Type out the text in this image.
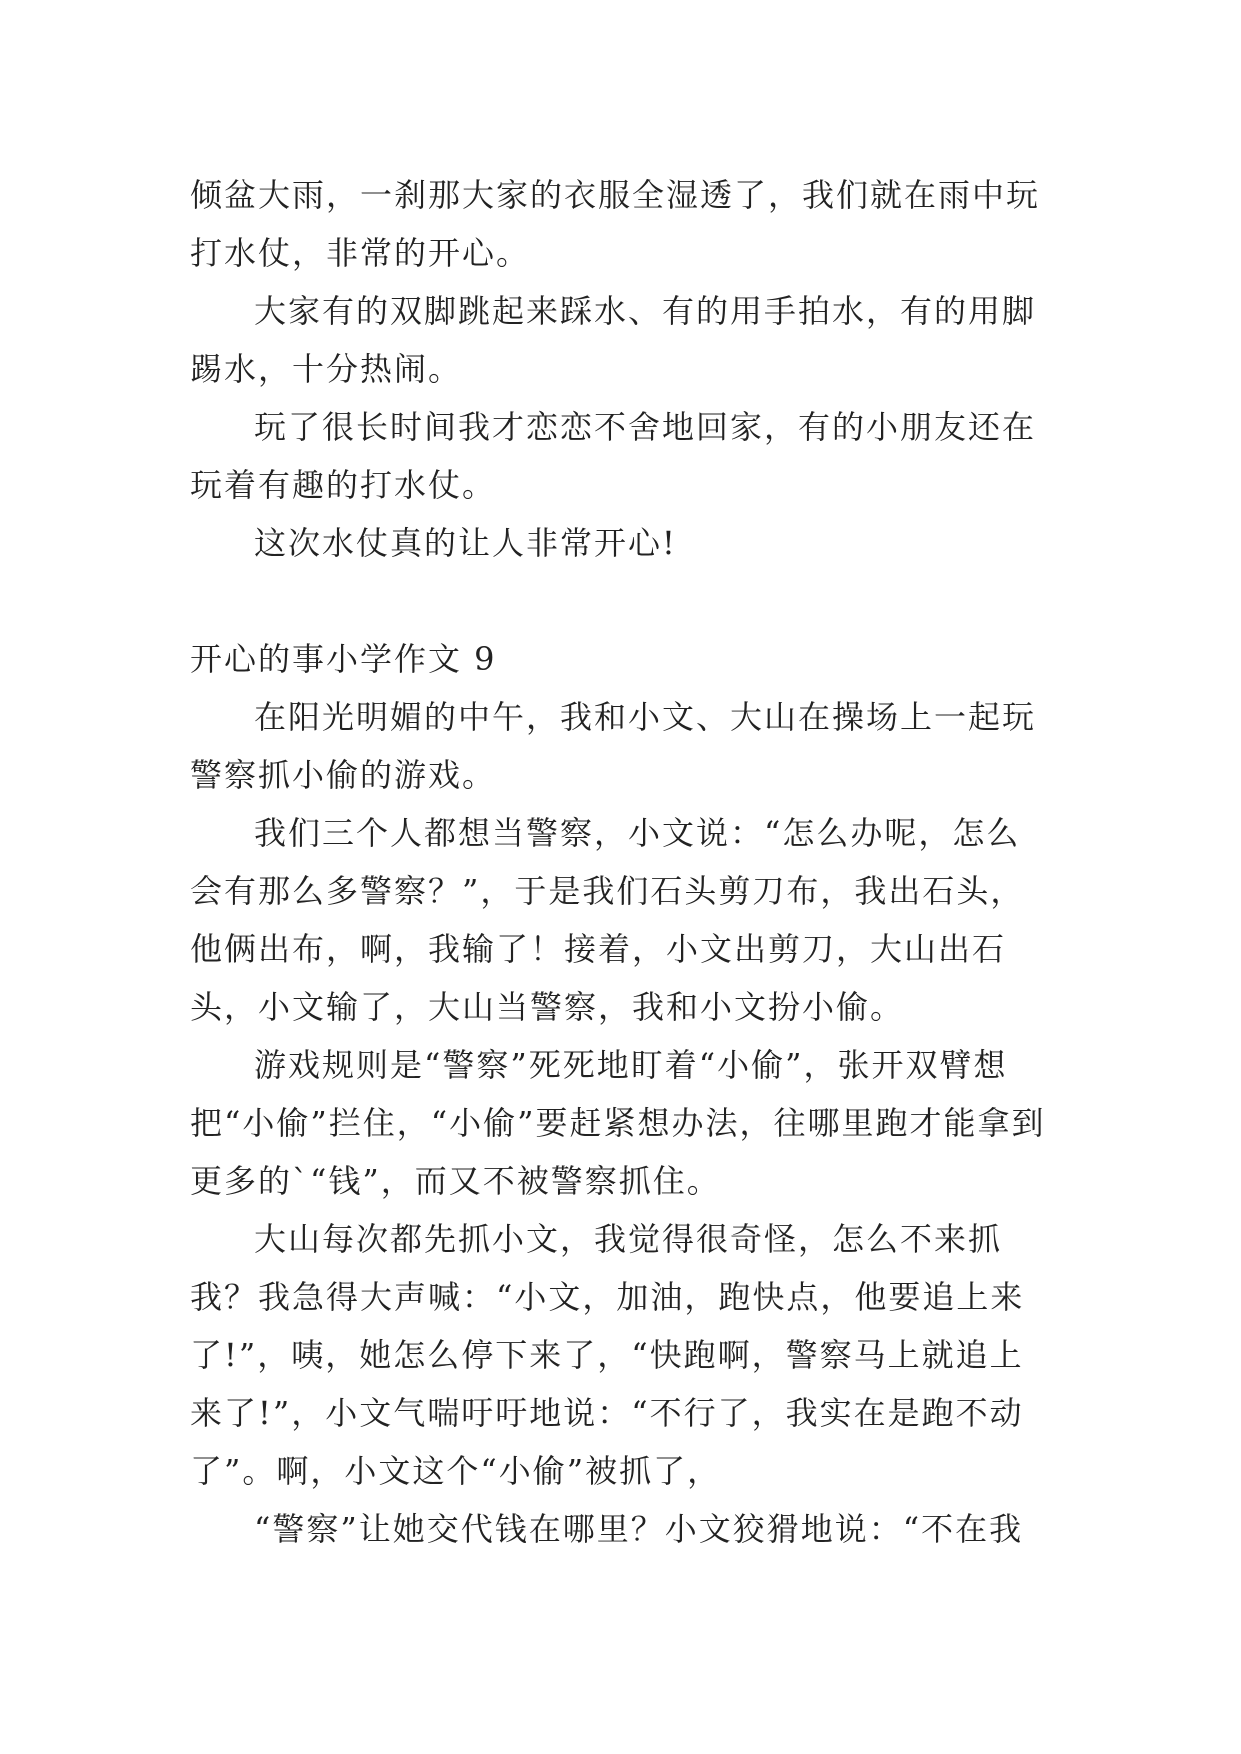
倾盆大雨，一刹那大家的衣服全湿透了，我们就在雨中玩打水仗，非常的开心。

大家有的双脚跳起来踩水、有的用手拍水，有的用脚踢水，十分热闹。

玩了很长时间我才恋恋不舍地回家，有的小朋友还在玩着有趣的打水仗。

这次水仗真的让人非常开心!

开心的事小学作文 9

在阳光明媚的中午，我和小文、大山在操场上一起玩警察抓小偷的游戏。

我们三个人都想当警察，小文说：“怎么办呢，怎么会有那么多警察？”，于是我们石头剪刀布，我出石头，他俩出布，啊，我输了！接着，小文出剪刀，大山出石头，小文输了，大山当警察，我和小文扮小偷。

游戏规则是“警察”死死地盯着“小偷”，张开双臂想把“小偷”拦住，“小偷”要赶紧想办法，往哪里跑才能拿到更多的`“钱”，而又不被警察抓住。

大山每次都先抓小文，我觉得很奇怪，怎么不来抓我？我急得大声喊：“小文，加油，跑快点，他要追上来了!”，咦，她怎么停下来了，“快跑啊，警察马上就追上来了!”，小文气喘吁吁地说：“不行了，我实在是跑不动了”。啊，小文这个“小偷”被抓了，

“警察”让她交代钱在哪里？小文狡猾地说：“不在我
